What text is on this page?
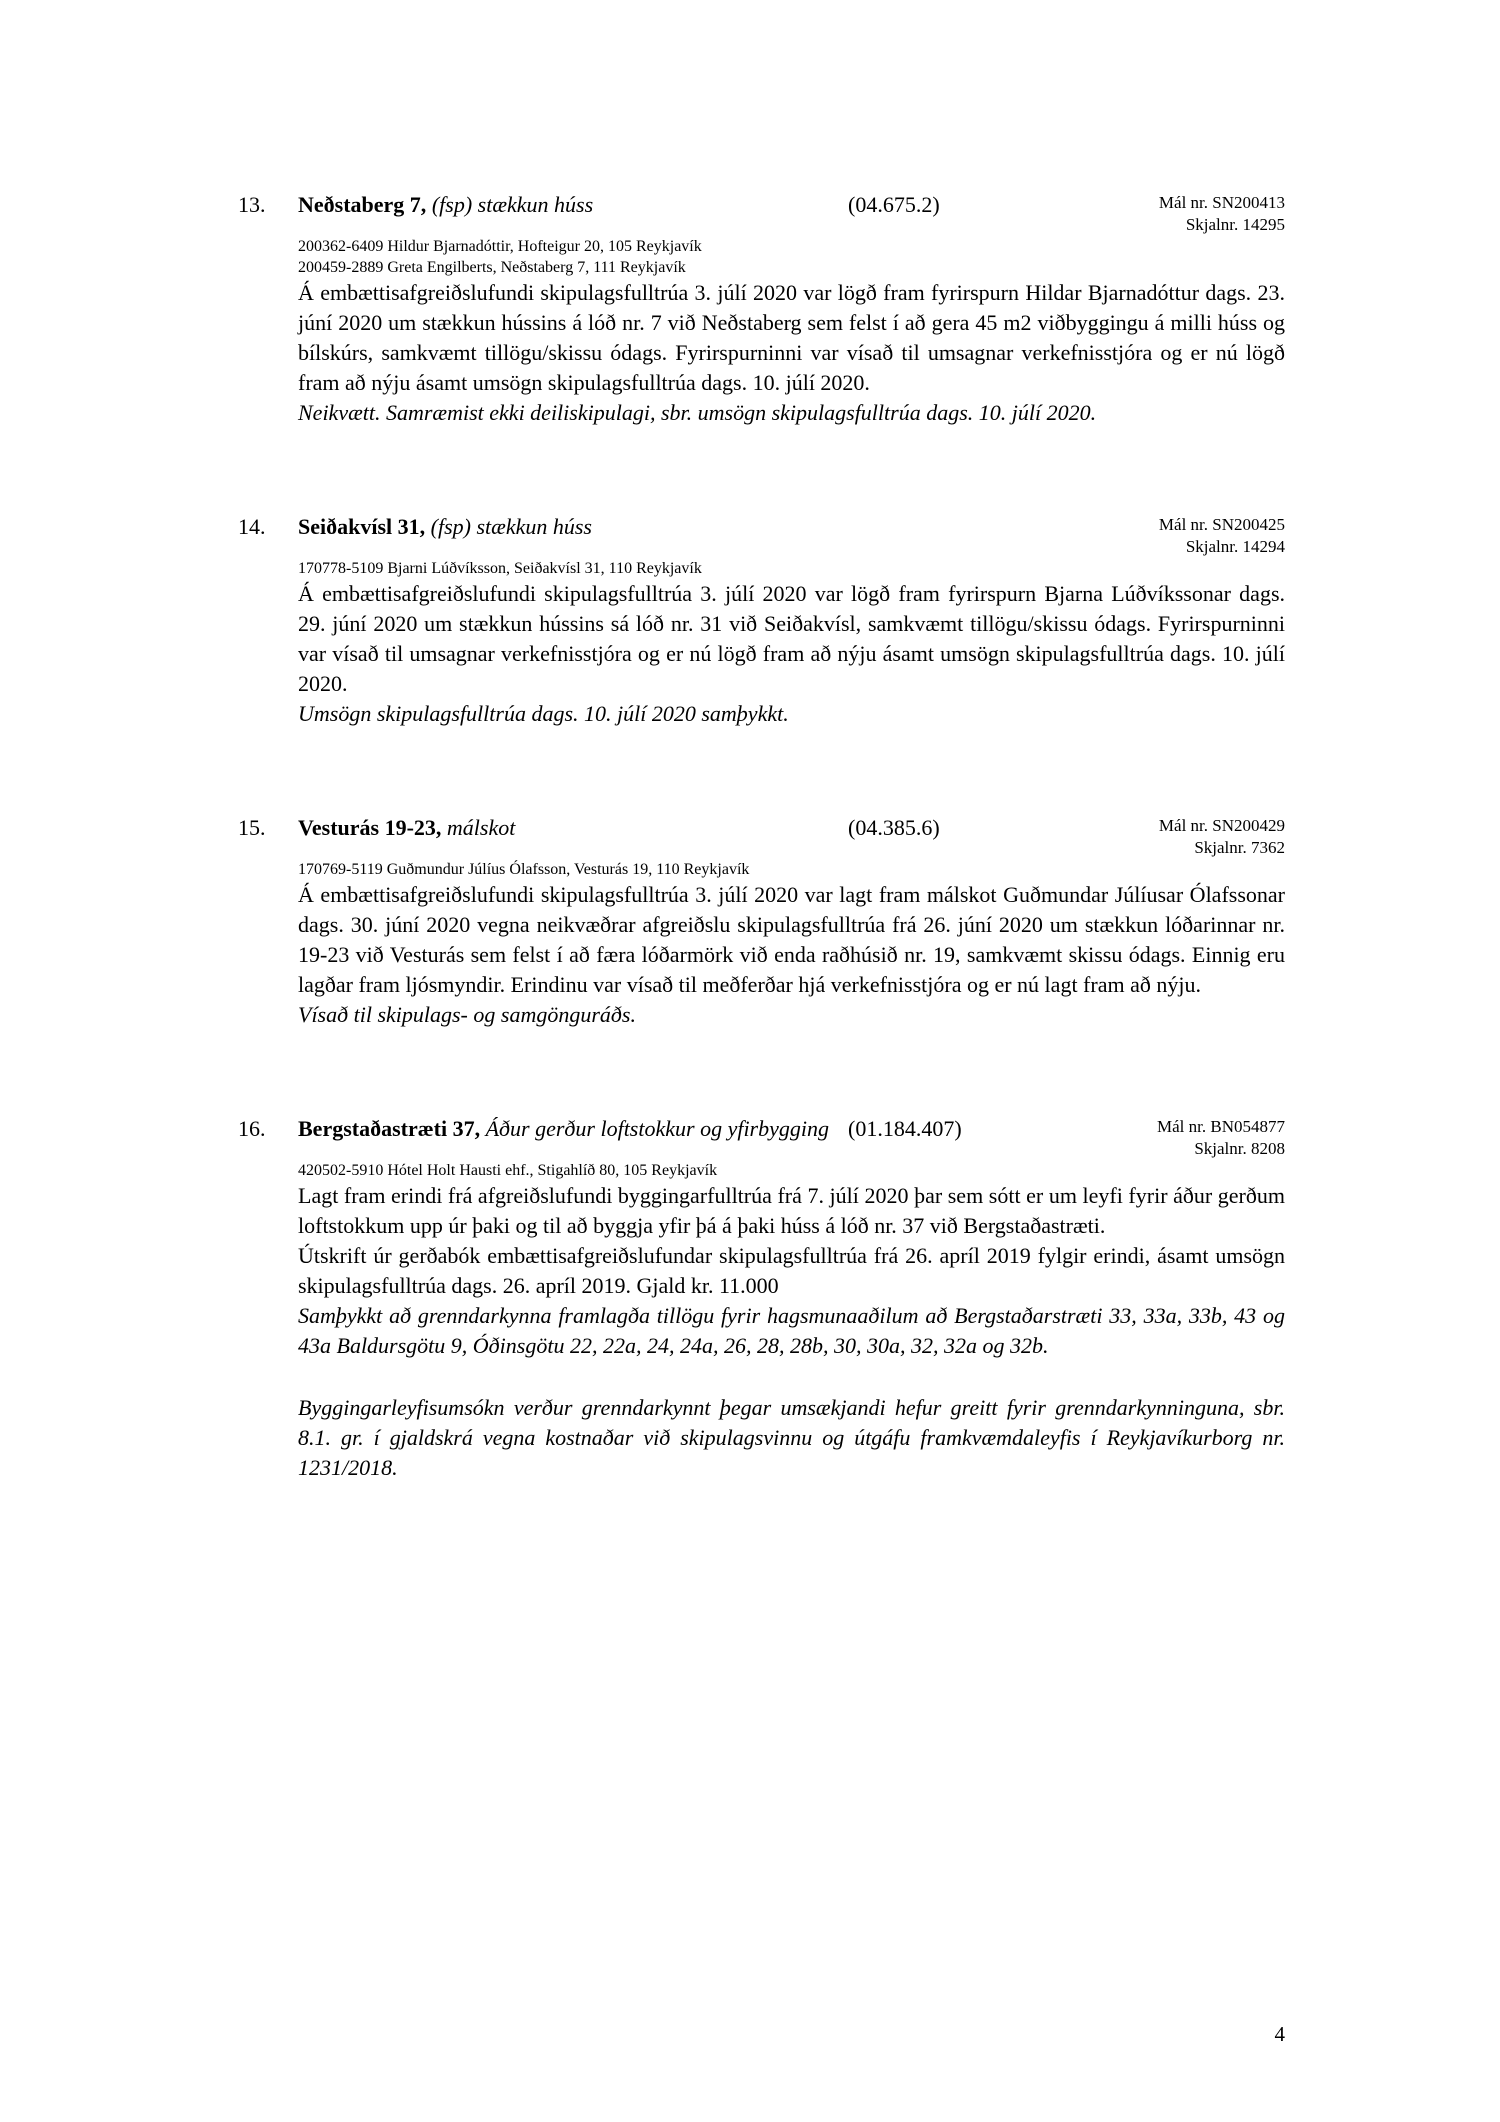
13.	Neðstaberg 7, (fsp) stækkun húss	(04.675.2)	Mál nr. SN200413
Skjalnr. 14295
200362-6409 Hildur Bjarnadóttir, Hofteigur 20, 105 Reykjavík
200459-2889 Greta Engilberts, Neðstaberg 7, 111 Reykjavík

Á embættisafgreiðslufundi skipulagsfulltrúa 3. júlí 2020 var lögð fram fyrirspurn Hildar Bjarnadóttur dags. 23. júní 2020 um stækkun hússins á lóð nr. 7 við Neðstaberg sem felst í að gera 45 m2 viðbyggingu á milli húss og bílskúrs, samkvæmt tillögu/skissu ódags. Fyrirspurninni var vísað til umsagnar verkefnisstjóra og er nú lögð fram að nýju ásamt umsögn skipulagsfulltrúa dags. 10. júlí 2020.

Neikvætt. Samræmist ekki deiliskipulagi, sbr. umsögn skipulagsfulltrúa dags. 10. júlí 2020.

14.	Seiðakvísl 31, (fsp) stækkun húss	Mál nr. SN200425
Skjalnr. 14294
170778-5109 Bjarni Lúðvíksson, Seiðakvísl 31, 110 Reykjavík

Á embættisafgreiðslufundi skipulagsfulltrúa 3. júlí 2020 var lögð fram fyrirspurn Bjarna Lúðvíkssonar dags. 29. júní 2020 um stækkun hússins sá lóð nr. 31 við Seiðakvísl, samkvæmt tillögu/skissu ódags. Fyrirspurninni var vísað til umsagnar verkefnisstjóra og er nú lögð fram að nýju ásamt umsögn skipulagsfulltrúa dags. 10. júlí 2020.

Umsögn skipulagsfulltrúa dags. 10. júlí 2020 samþykkt.

15.	Vesturás 19-23, málskot	(04.385.6)	Mál nr. SN200429
Skjalnr. 7362
170769-5119 Guðmundur Júlíus Ólafsson, Vesturás 19, 110 Reykjavík

Á embættisafgreiðslufundi skipulagsfulltrúa 3. júlí 2020 var lagt fram málskot Guðmundar Júlíusar Ólafssonar dags. 30. júní 2020 vegna neikvæðrar afgreiðslu skipulagsfulltrúa frá 26. júní 2020 um stækkun lóðarinnar nr. 19-23 við Vesturás sem felst í að færa lóðarmörk við enda raðhúsið nr. 19, samkvæmt skissu ódags. Einnig eru lagðar fram ljósmyndir. Erindinu var vísað til meðferðar hjá verkefnisstjóra og er nú lagt fram að nýju.

Vísað til skipulags- og samgönguráðs.

16.	Bergstaðastræti 37, Áður gerður loftstokkur og yfirbygging (01.184.407)	Mál nr. BN054877
Skjalnr. 8208
420502-5910 Hótel Holt Hausti ehf., Stigahlíð 80, 105 Reykjavík

Lagt fram erindi frá afgreiðslufundi byggingarfulltrúa frá 7. júlí 2020 þar sem sótt er um leyfi fyrir áður gerðum loftstokkum upp úr þaki og til að byggja yfir þá á þaki húss á lóð nr. 37 við Bergstaðastræti.

Útskrift úr gerðabók embættisafgreiðslufundar skipulagsfulltrúa frá 26. apríl 2019 fylgir erindi, ásamt umsögn skipulagsfulltrúa dags. 26. apríl 2019. Gjald kr. 11.000

Samþykkt að grenndarkynna framlagða tillögu fyrir hagsmunaaðilum að Bergstaðarstræti 33, 33a, 33b, 43 og 43a Baldursgötu 9, Óðinsgötu 22, 22a, 24, 24a, 26, 28, 28b, 30, 30a, 32, 32a og 32b.

Byggingarleyfisumsókn verður grenndarkynnt þegar umsækjandi hefur greitt fyrir grenndarkynninguna, sbr. 8.1. gr. í gjaldskrá vegna kostnaðar við skipulagsvinnu og útgáfu framkvæmdaleyfis í Reykjavíkurborg nr. 1231/2018.

4
